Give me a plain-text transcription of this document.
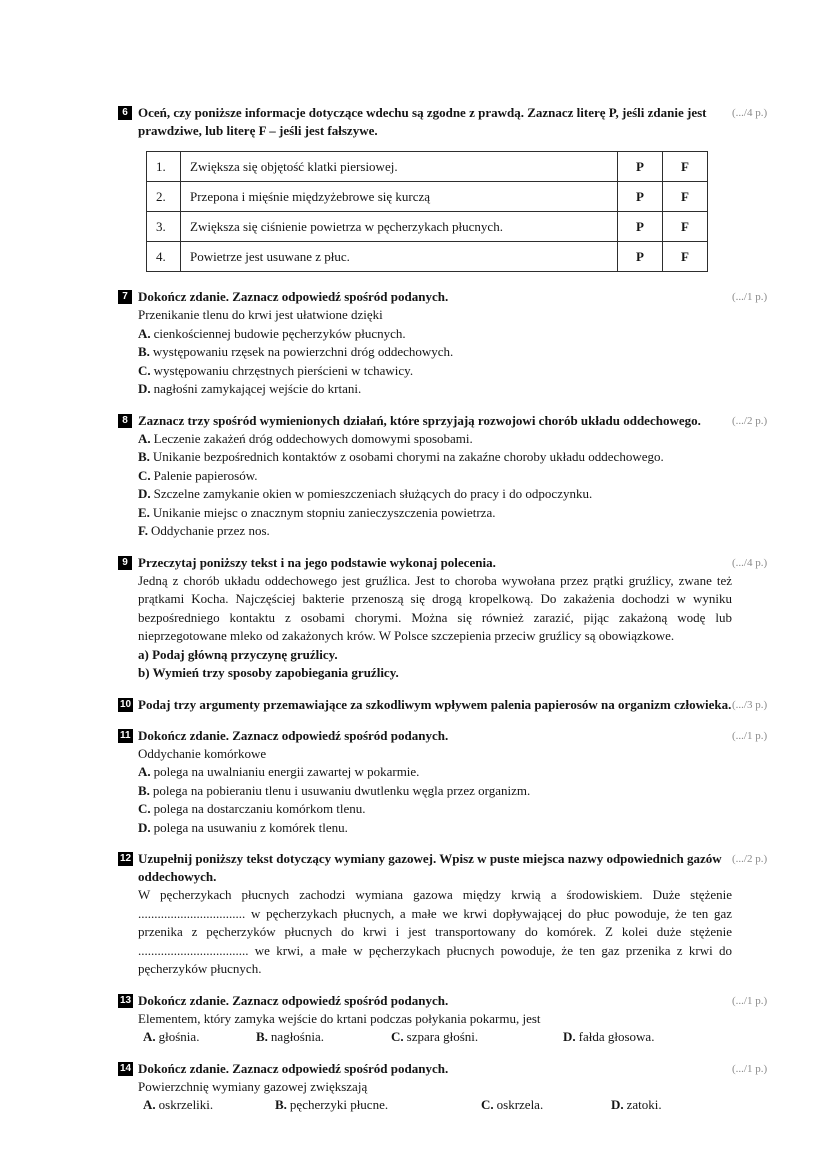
6 Oceń, czy poniższe informacje dotyczące wdechu są zgodne z prawdą. Zaznacz literę P, jeśli zdanie jest prawdziwe, lub literę F – jeśli jest fałszywe.
1.	Zwiększa się objętość klatki piersiowej.	P	F
2.	Przepona i mięśnie międzyżebrowe się kurczą	P	F
3.	Zwiększa się ciśnienie powietrza w pęcherzykach płucnych.	P	F
4.	Powietrze jest usuwane z płuc.	P	F
(.../4 p.)
7 Dokończ zdanie. Zaznacz odpowiedź spośród podanych.
Przenikanie tlenu do krwi jest ułatwione dzięki
A. cienkościennej budowie pęcherzyków płucnych.
B. występowaniu rzęsek na powierzchni dróg oddechowych.
C. występowaniu chrzęstnych pierścieni w tchawicy.
D. nagłośni zamykającej wejście do krtani.
(.../1 p.)
8 Zaznacz trzy spośród wymienionych działań, które sprzyjają rozwojowi chorób układu oddechowego.
A. Leczenie zakażeń dróg oddechowych domowymi sposobami.
B. Unikanie bezpośrednich kontaktów z osobami chorymi na zakaźne choroby układu oddechowego.
C. Palenie papierosów.
D. Szczelne zamykanie okien w pomieszczeniach służących do pracy i do odpoczynku.
E. Unikanie miejsc o znacznym stopniu zanieczyszczenia powietrza.
F. Oddychanie przez nos.
(.../2 p.)
9 Przeczytaj poniższy tekst i na jego podstawie wykonaj polecenia.
Jedną z chorób układu oddechowego jest gruźlica. Jest to choroba wywołana przez prątki gruźlicy, zwane też prątkami Kocha. Najczęściej bakterie przenoszą się drogą kropelkową. Do zakażenia dochodzi w wyniku bezpośredniego kontaktu z osobami chorymi. Można się również zarazić, pijąc zakażoną wodę lub nieprzegotowane mleko od zakażonych krów. W Polsce szczepienia przeciw gruźlicy są obowiązkowe.
a) Podaj główną przyczynę gruźlicy.
b) Wymień trzy sposoby zapobiegania gruźlicy.
(.../4 p.)
10 Podaj trzy argumenty przemawiające za szkodliwym wpływem palenia papierosów na organizm człowieka. (.../3 p.)
11 Dokończ zdanie. Zaznacz odpowiedź spośród podanych.
Oddychanie komórkowe
A. polega na uwalnianiu energii zawartej w pokarmie.
B. polega na pobieraniu tlenu i usuwaniu dwutlenku węgla przez organizm.
C. polega na dostarczaniu komórkom tlenu.
D. polega na usuwaniu z komórek tlenu.
(.../1 p.)
12 Uzupełnij poniższy tekst dotyczący wymiany gazowej. Wpisz w puste miejsca nazwy odpowiednich gazów oddechowych.
W pęcherzykach płucnych zachodzi wymiana gazowa między krwią a środowiskiem. Duże stężenie ................................. w pęcherzykach płucnych, a małe we krwi dopływającej do płuc powoduje, że ten gaz przenika z pęcherzyków płucnych do krwi i jest transportowany do komórek. Z kolei duże stężenie .................................. we krwi, a małe w pęcherzykach płucnych powoduje, że ten gaz przenika z krwi do pęcherzyków płucnych.
(.../2 p.)
13 Dokończ zdanie. Zaznacz odpowiedź spośród podanych.
Elementem, który zamyka wejście do krtani podczas połykania pokarmu, jest
A. głośnia.	B. nagłośnia.	C. szpara głośni.	D. fałda głosowa.
(.../1 p.)
14 Dokończ zdanie. Zaznacz odpowiedź spośród podanych.
Powierzchnię wymiany gazowej zwiększają
A. oskrzeliki.	B. pęcherzyki płucne.	C. oskrzela.	D. zatoki.
(.../1 p.)
